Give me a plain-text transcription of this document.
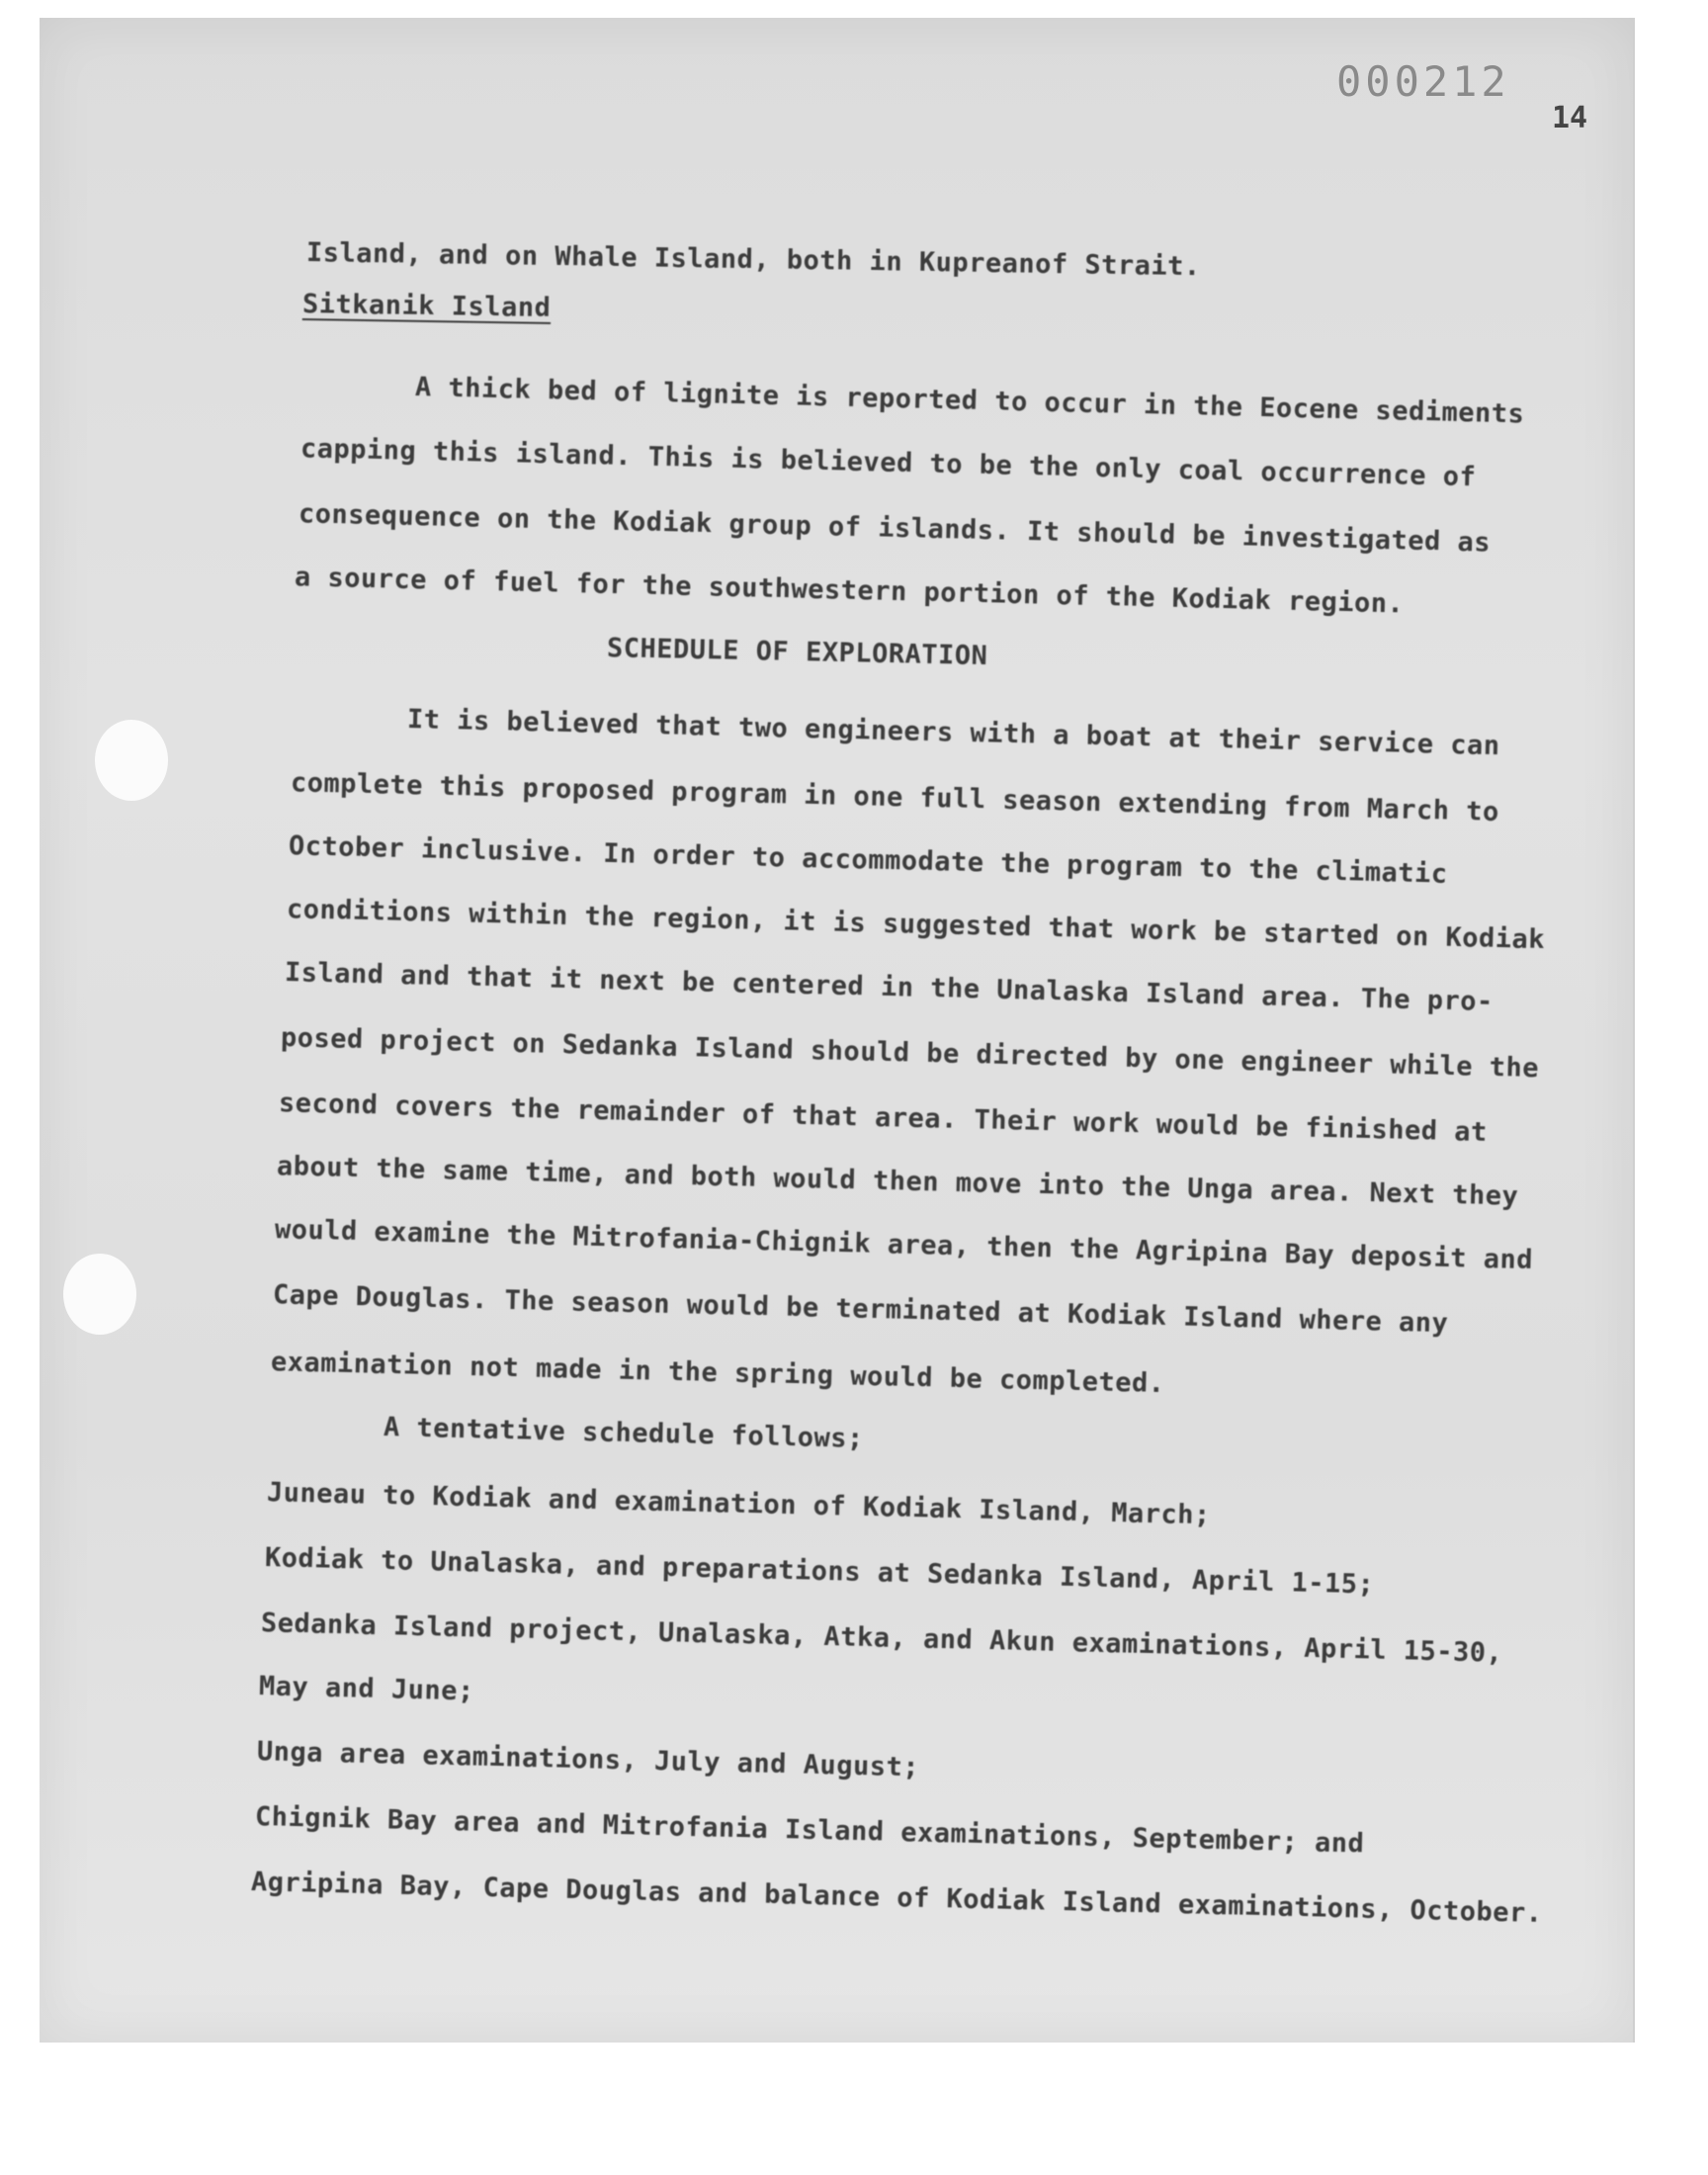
000212
14
Island, and on Whale Island, both in Kupreanof Strait.
Sitkanik Island
A thick bed of lignite is reported to occur in the Eocene sediments
capping this island. This is believed to be the only coal occurrence of
consequence on the Kodiak group of islands. It should be investigated as
a source of fuel for the southwestern portion of the Kodiak region.
SCHEDULE OF EXPLORATION
It is believed that two engineers with a boat at their service can
complete this proposed program in one full season extending from March to
October inclusive. In order to accommodate the program to the climatic
conditions within the region, it is suggested that work be started on Kodiak
Island and that it next be centered in the Unalaska Island area. The pro-
posed project on Sedanka Island should be directed by one engineer while the
second covers the remainder of that area. Their work would be finished at
about the same time, and both would then move into the Unga area. Next they
would examine the Mitrofania-Chignik area, then the Agripina Bay deposit and
Cape Douglas. The season would be terminated at Kodiak Island where any
examination not made in the spring would be completed.
A tentative schedule follows;
Juneau to Kodiak and examination of Kodiak Island, March;
Kodiak to Unalaska, and preparations at Sedanka Island, April 1-15;
Sedanka Island project, Unalaska, Atka, and Akun examinations, April 15-30,
May and June;
Unga area examinations, July and August;
Chignik Bay area and Mitrofania Island examinations, September; and
Agripina Bay, Cape Douglas and balance of Kodiak Island examinations, October.
